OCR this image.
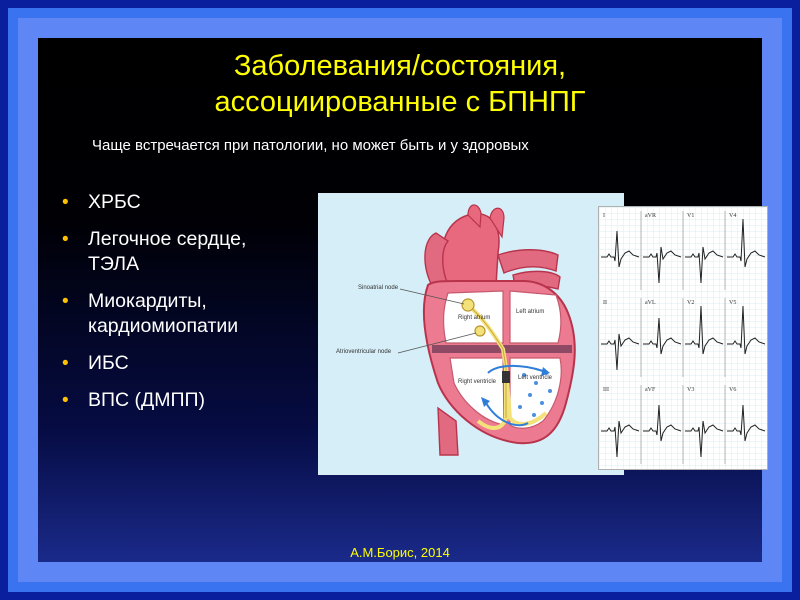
Заболевания/состояния,
ассоциированные с БПНПГ
Чаще встречается при патологии, но может быть и у здоровых
• ХРБС
• Легочное сердце,
ТЭЛА
• Миокардиты,
кардиомиопатии
• ИБС
• ВПС (ДМПП)
Sinoatrial node
Atrioventricular node
Right atrium
Left atrium
Right ventricle
Left ventricle
I	aVR	V1	V4
II	aVL	V2	V5
III	aVF	V3	V6
А.М.Борис, 2014
